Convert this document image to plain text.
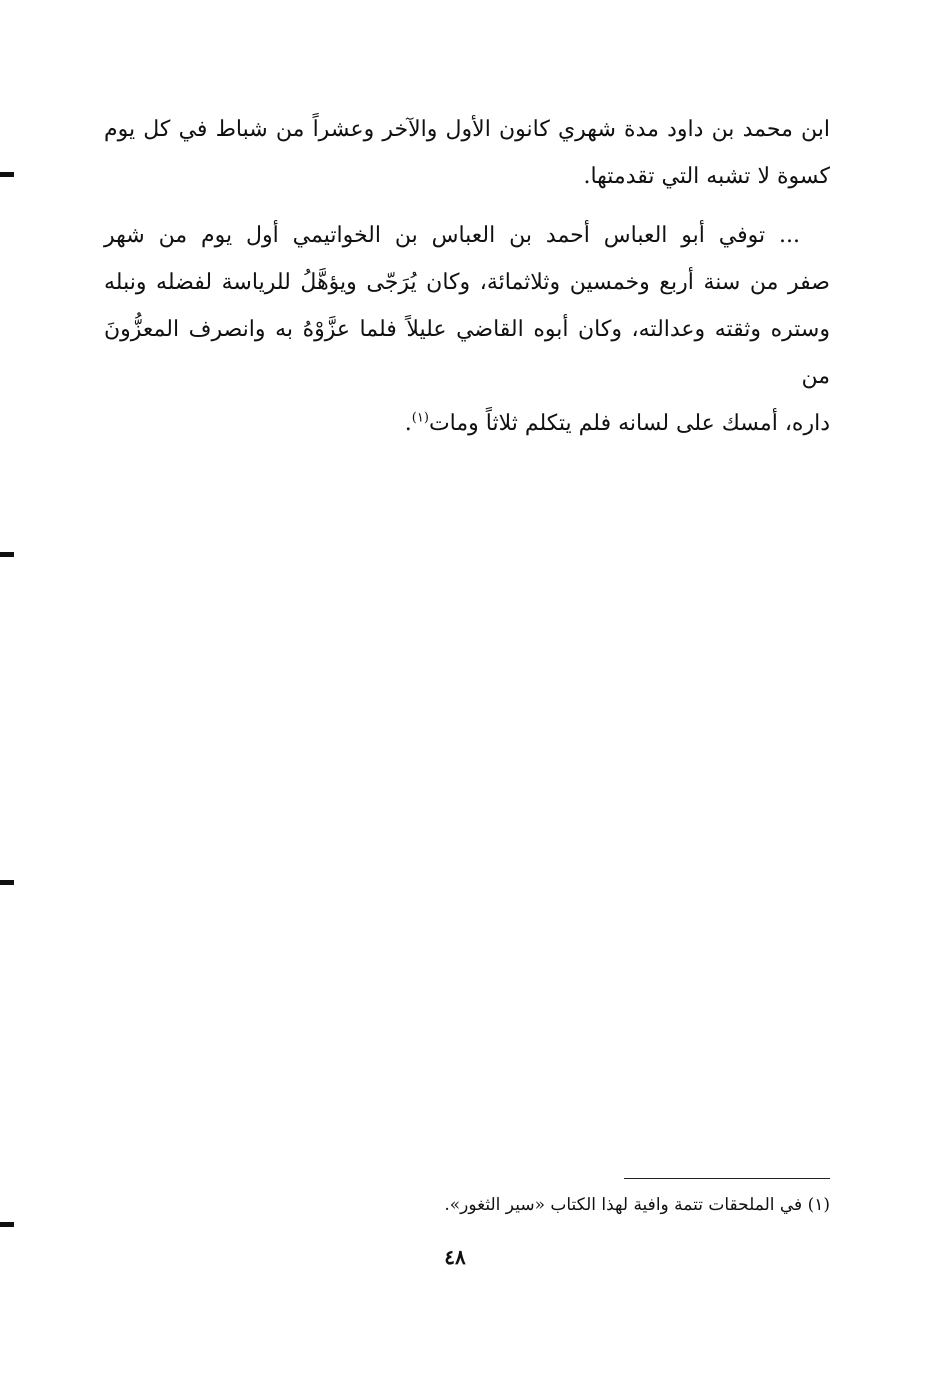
ابن محمد بن داود مدة شهري كانون الأول والآخر وعشراً من شباط في كل يوم
كسوة لا تشبه التي تقدمتها.
... توفي أبو العباس أحمد بن العباس بن الخواتيمي أول يوم من شهر
صفر من سنة أربع وخمسين وثلاثمائة، وكان يُرَجّى ويؤهَّلُ للرياسة لفضله ونبله
وستره وثقته وعدالته، وكان أبوه القاضي عليلاً فلما عزَّوْهُ به وانصرف المعزُّونَ من
داره، أمسك على لسانه فلم يتكلم ثلاثاً ومات$^{(١)}$.
(١) في الملحقات تتمة وافية لهذا الكتاب «سير الثغور».
٤٨
